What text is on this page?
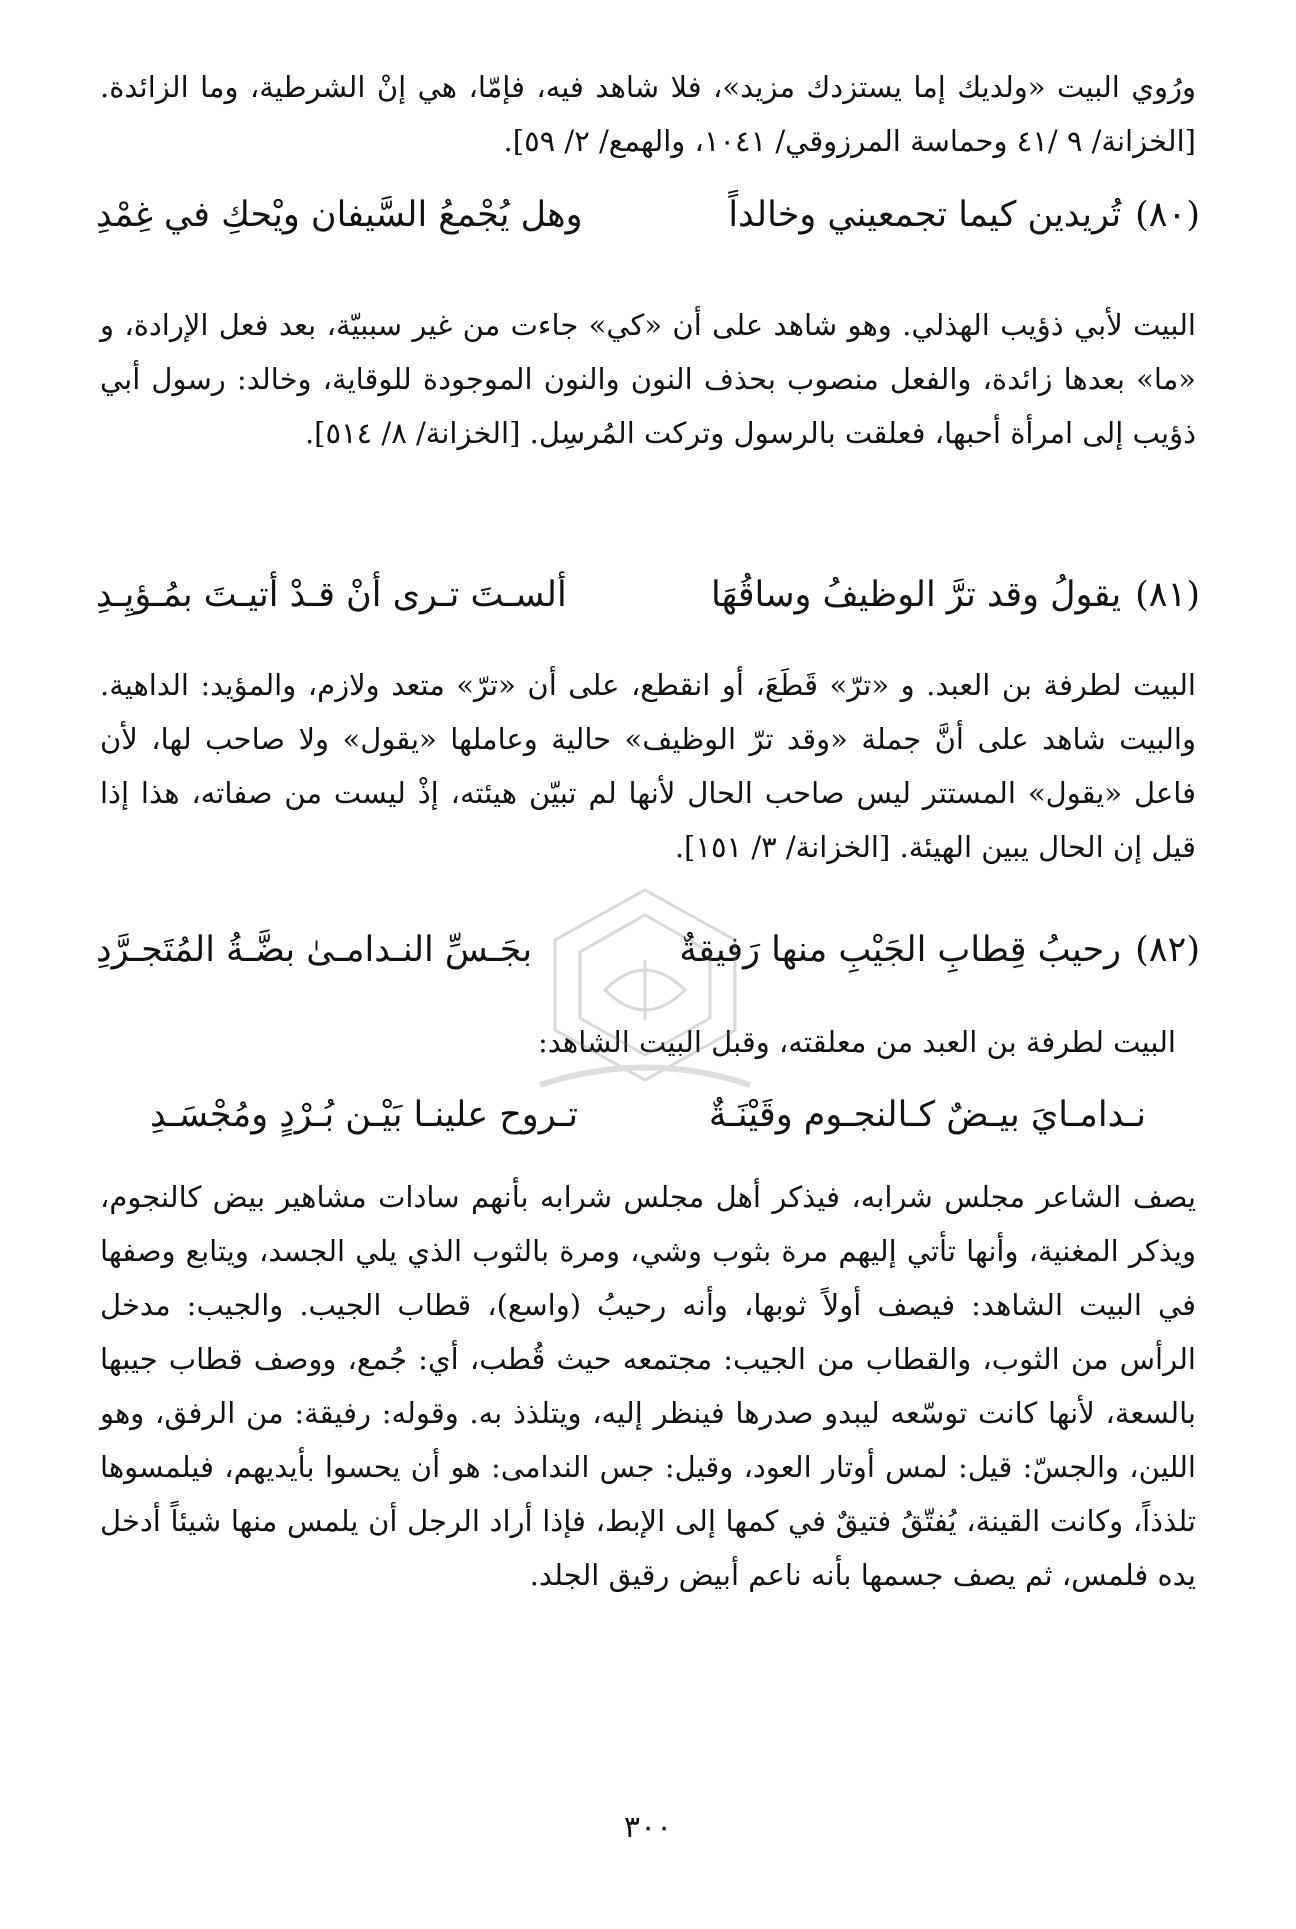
ورُوي البيت «ولديك إما يستزدك مزيد»، فلا شاهد فيه، فإمّا، هي إنْ الشرطية، وما الزائدة. [الخزانة/ ٩ /٤١ وحماسة المرزوقي/ ١٠٤١، والهمع/ ٢/ ٥٩].

(٨٠)
تُريدين كيما تجمعيني وخالداً
وهل يُجْمعُ السَّيفان ويْحكِ في غِمْدِ

البيت لأبي ذؤيب الهذلي. وهو شاهد على أن «كي» جاءت من غير سببيّة، بعد فعل الإرادة، و «ما» بعدها زائدة، والفعل منصوب بحذف النون والنون الموجودة للوقاية، وخالد: رسول أبي ذؤيب إلى امرأة أحبها، فعلقت بالرسول وتركت المُرسِل. [الخزانة/ ٨/ ٥١٤].

(٨١)
يقولُ وقد ترَّ الوظيفُ وساقُهَا
ألسـتَ تـرى أنْ قـدْ أتيـتَ بمُـؤيِـدِ

البيت لطرفة بن العبد. و «ترّ» قَطَعَ، أو انقطع، على أن «ترّ» متعد ولازم، والمؤيد: الداهية. والبيت شاهد على أنَّ جملة «وقد ترّ الوظيف» حالية وعاملها «يقول» ولا صاحب لها، لأن فاعل «يقول» المستتر ليس صاحب الحال لأنها لم تبيّن هيئته، إذْ ليست من صفاته، هذا إذا قيل إن الحال يبين الهيئة. [الخزانة/ ٣/ ١٥١].

(٨٢)
رحيبُ قِطابِ الجَيْبِ منها رَفيقةٌ
بجَـسِّ النـدامـىٰ بضَّـةُ المُتَجـرَّدِ

البيت لطرفة بن العبد من معلقته، وقبل البيت الشاهد:

نـدامـايَ بيـضٌ كـالنجـوم وقَيْنَـةٌ
تـروح علينـا بَيْـن بُـرْدٍ ومُجْسَـدِ

يصف الشاعر مجلس شرابه، فيذكر أهل مجلس شرابه بأنهم سادات مشاهير بيض كالنجوم، ويذكر المغنية، وأنها تأتي إليهم مرة بثوب وشي، ومرة بالثوب الذي يلي الجسد، ويتابع وصفها في البيت الشاهد: فيصف أولاً ثوبها، وأنه رحيبُ (واسع)، قطاب الجيب. والجيب: مدخل الرأس من الثوب، والقطاب من الجيب: مجتمعه حيث قُطب، أي: جُمع، ووصف قطاب جيبها بالسعة، لأنها كانت توسّعه ليبدو صدرها فينظر إليه، ويتلذذ به. وقوله: رفيقة: من الرفق، وهو اللين، والجسّ: قيل: لمس أوتار العود، وقيل: جس الندامى: هو أن يحسوا بأيديهم، فيلمسوها تلذذاً، وكانت القينة، يُفتّقُ فتيقٌ في كمها إلى الإبط، فإذا أراد الرجل أن يلمس منها شيئاً أدخل يده فلمس، ثم يصف جسمها بأنه ناعم أبيض رقيق الجلد.

٣٠٠
